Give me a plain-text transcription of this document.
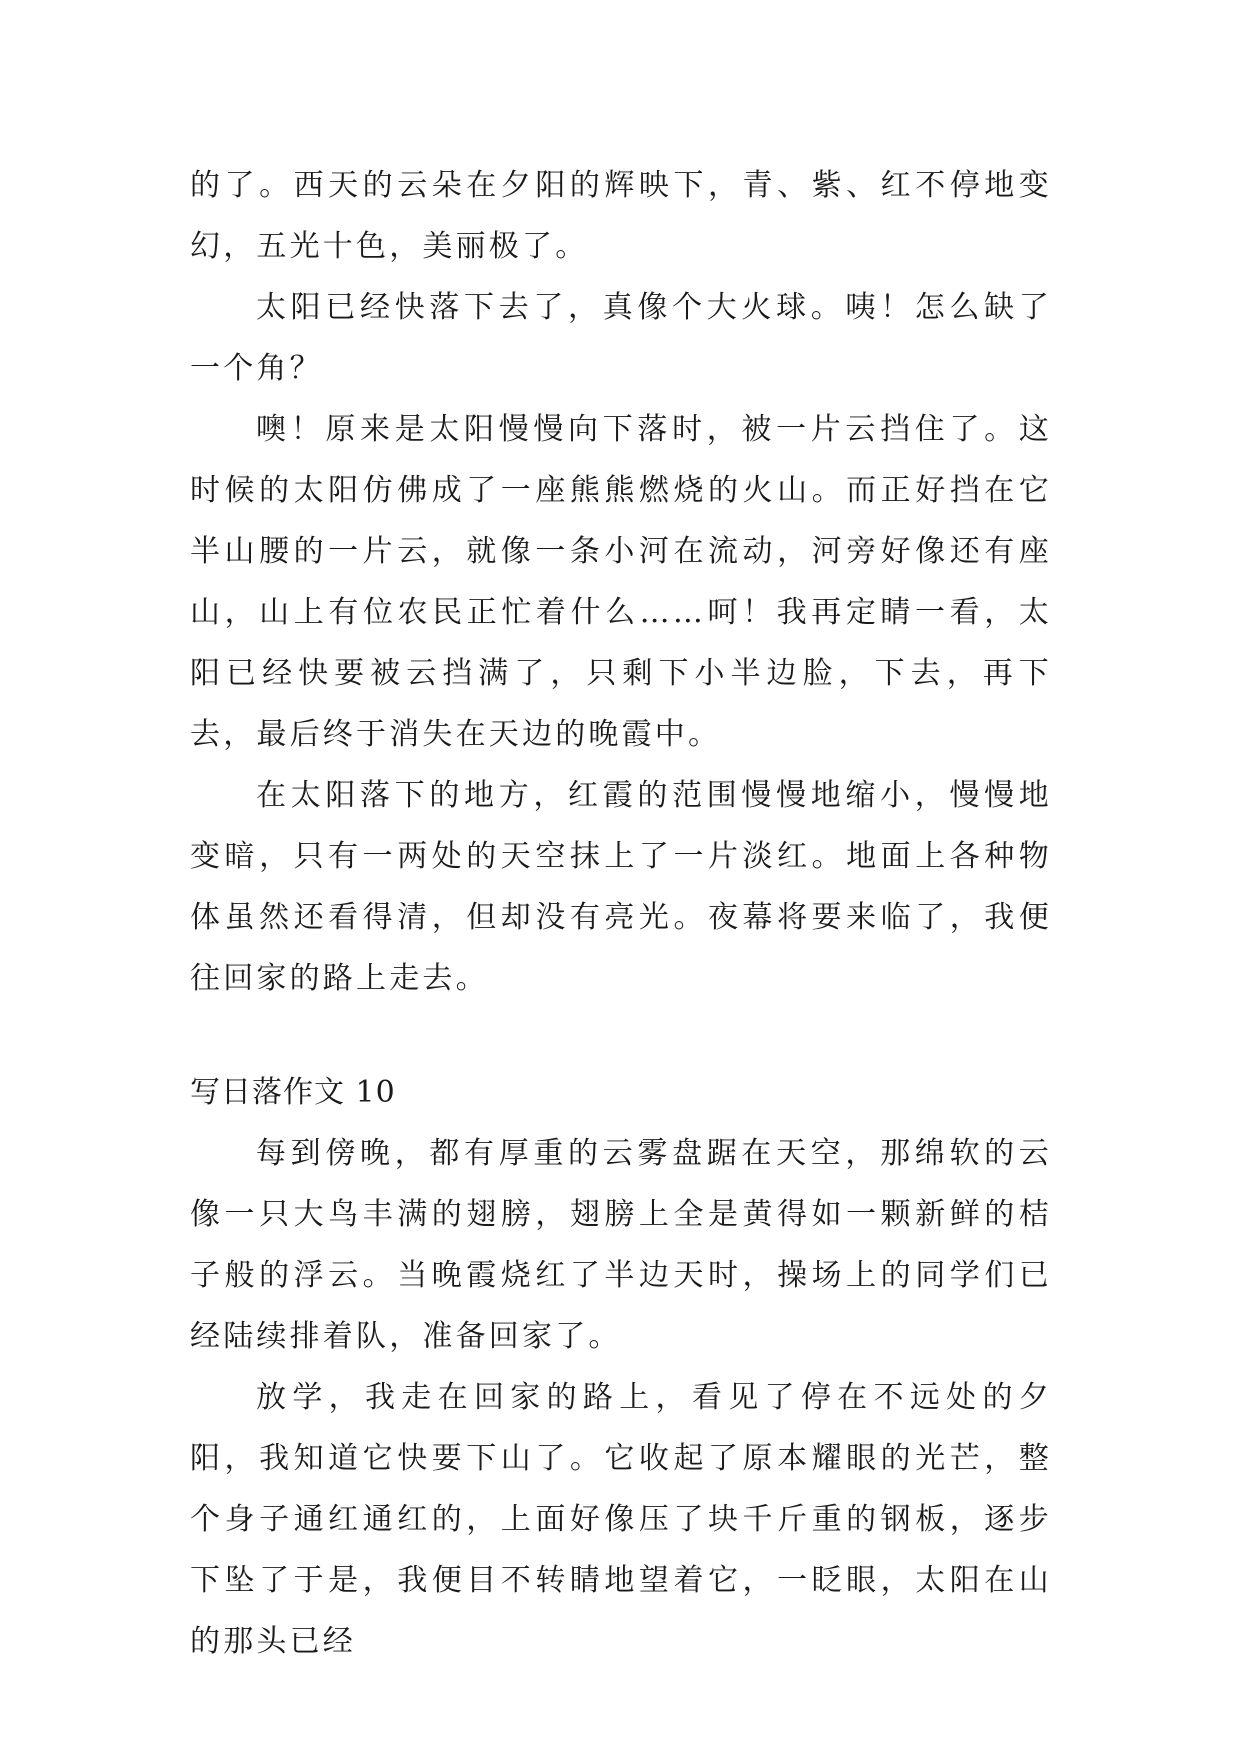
的了。西天的云朵在夕阳的辉映下，青、紫、红不停地变幻，五光十色，美丽极了。

太阳已经快落下去了，真像个大火球。咦！怎么缺了一个角？

噢！原来是太阳慢慢向下落时，被一片云挡住了。这时候的太阳仿佛成了一座熊熊燃烧的火山。而正好挡在它半山腰的一片云，就像一条小河在流动，河旁好像还有座山，山上有位农民正忙着什么……呵！我再定睛一看，太阳已经快要被云挡满了，只剩下小半边脸，下去，再下去，最后终于消失在天边的晚霞中。

在太阳落下的地方，红霞的范围慢慢地缩小，慢慢地变暗，只有一两处的天空抹上了一片淡红。地面上各种物体虽然还看得清，但却没有亮光。夜幕将要来临了，我便往回家的路上走去。

写日落作文 10

每到傍晚，都有厚重的云雾盘踞在天空，那绵软的云像一只大鸟丰满的翅膀，翅膀上全是黄得如一颗新鲜的桔子般的浮云。当晚霞烧红了半边天时，操场上的同学们已经陆续排着队，准备回家了。

放学，我走在回家的路上，看见了停在不远处的夕阳，我知道它快要下山了。它收起了原本耀眼的光芒，整个身子通红通红的，上面好像压了块千斤重的钢板，逐步下坠了于是，我便目不转睛地望着它，一眨眼，太阳在山的那头已经
